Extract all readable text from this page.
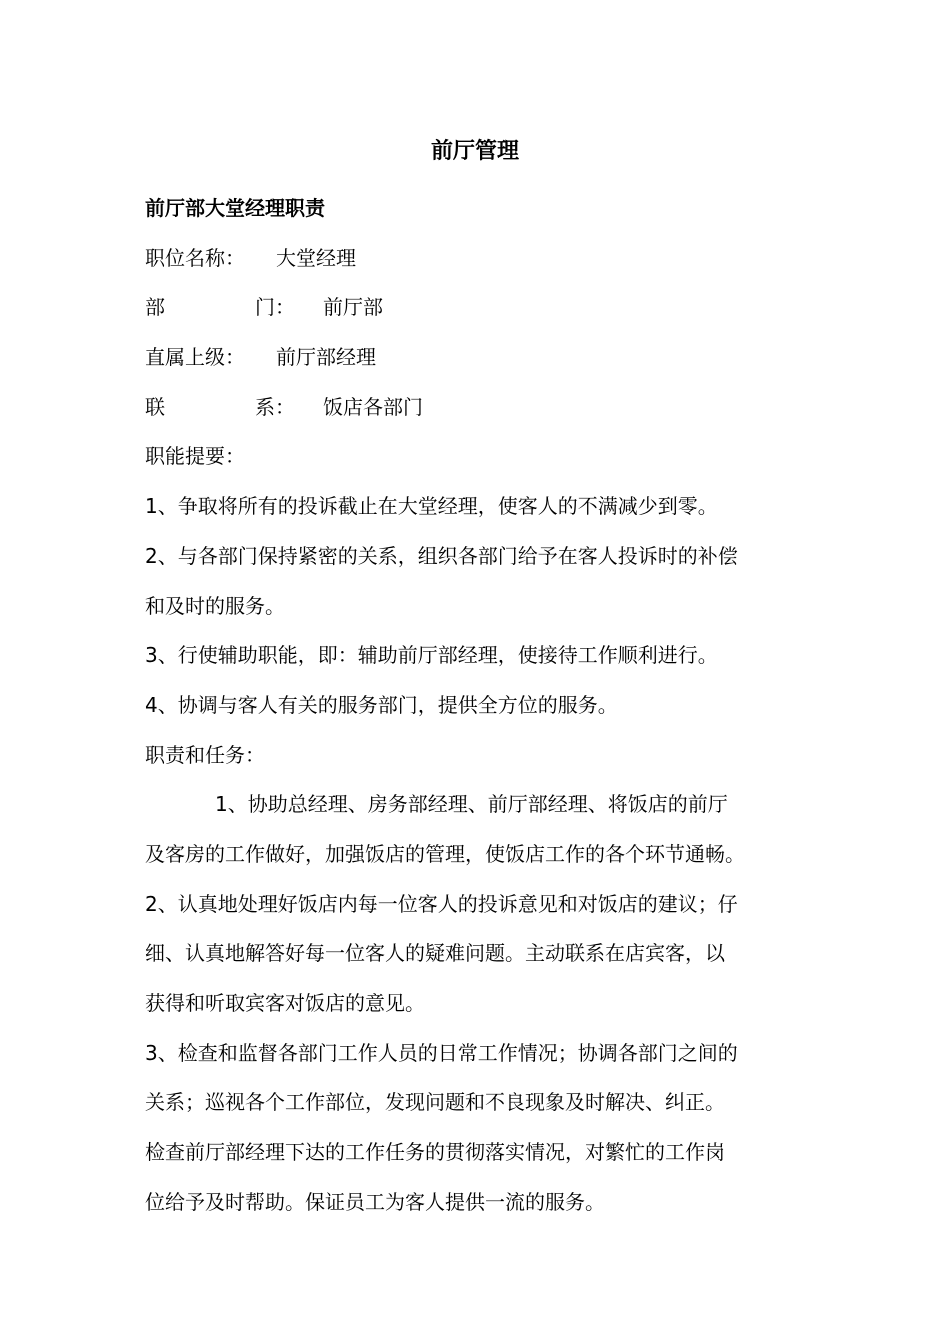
前厅管理

前厅部大堂经理职责

职位名称： 大堂经理

部	门： 前厅部

直属上级： 前厅部经理

联	系： 饭店各部门

职能提要：

1、争取将所有的投诉截止在大堂经理，使客人的不满减少到零。

2、与各部门保持紧密的关系，组织各部门给予在客人投诉时的补偿

和及时的服务。

3、行使辅助职能，即：辅助前厅部经理，使接待工作顺利进行。

4、协调与客人有关的服务部门，提供全方位的服务。

职责和任务：

1、协助总经理、房务部经理、前厅部经理、将饭店的前厅

及客房的工作做好，加强饭店的管理，使饭店工作的各个环节通畅。

2、认真地处理好饭店内每一位客人的投诉意见和对饭店的建议；仔

细、认真地解答好每一位客人的疑难问题。主动联系在店宾客，以

获得和听取宾客对饭店的意见。

3、检查和监督各部门工作人员的日常工作情况；协调各部门之间的

关系；巡视各个工作部位，发现问题和不良现象及时解决、纠正。

检查前厅部经理下达的工作任务的贯彻落实情况，对繁忙的工作岗

位给予及时帮助。保证员工为客人提供一流的服务。
